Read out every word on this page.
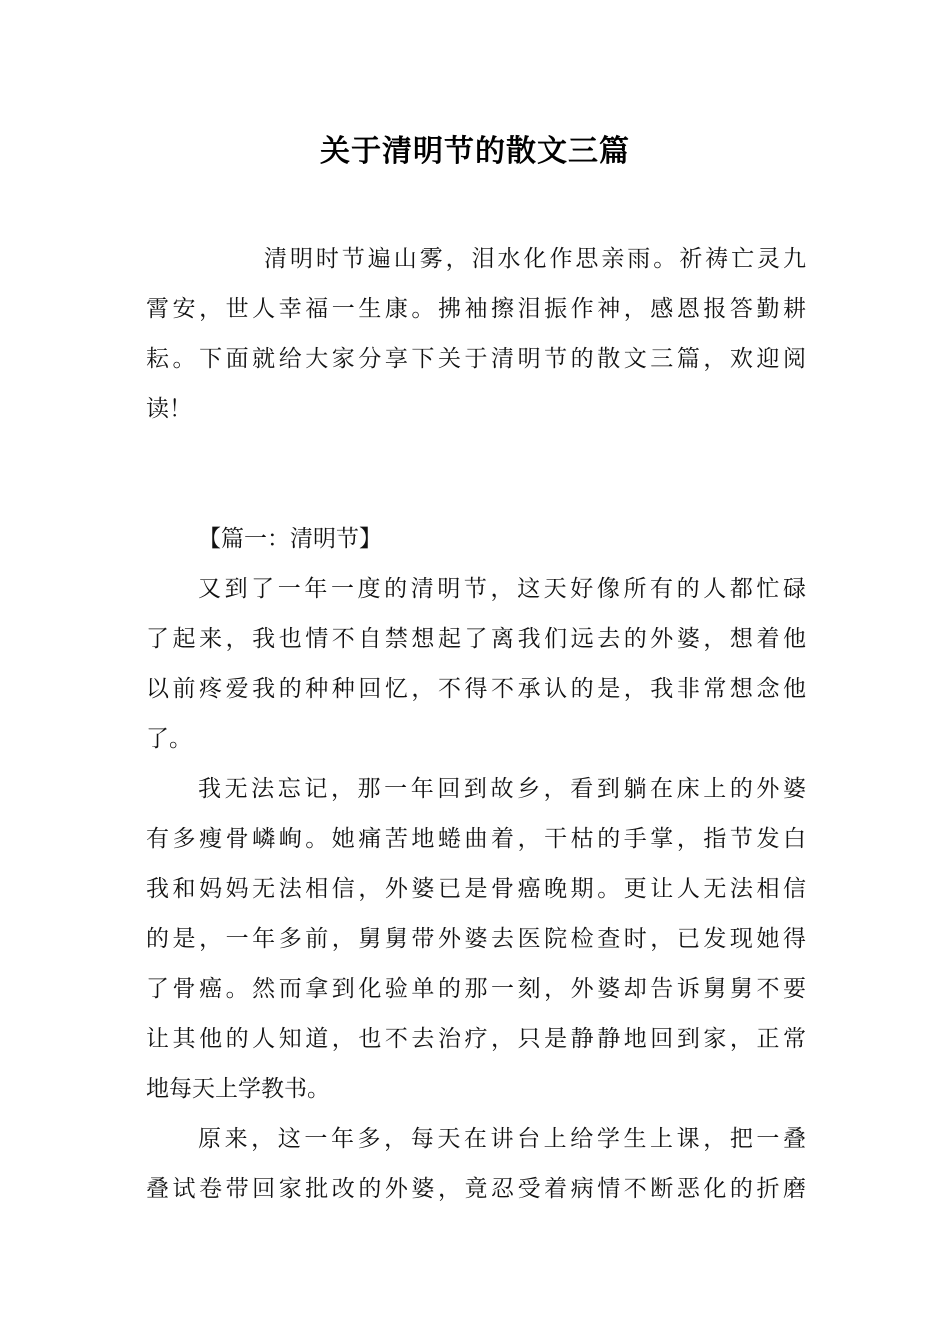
关于清明节的散文三篇
清明时节遍山雾，泪水化作思亲雨。祈祷亡灵九
霄安，世人幸福一生康。拂袖擦泪振作神，感恩报答勤耕
耘。下面就给大家分享下关于清明节的散文三篇，欢迎阅
读！
【篇一：清明节】
又到了一年一度的清明节，这天好像所有的人都忙碌
了起来，我也情不自禁想起了离我们远去的外婆，想着他
以前疼爱我的种种回忆，不得不承认的是，我非常想念他
了。
我无法忘记，那一年回到故乡，看到躺在床上的外婆
有多瘦骨嶙峋。她痛苦地蜷曲着，干枯的手掌，指节发白
我和妈妈无法相信，外婆已是骨癌晚期。更让人无法相信
的是，一年多前，舅舅带外婆去医院检查时，已发现她得
了骨癌。然而拿到化验单的那一刻，外婆却告诉舅舅不要
让其他的人知道，也不去治疗，只是静静地回到家，正常
地每天上学教书。
原来，这一年多，每天在讲台上给学生上课，把一叠
叠试卷带回家批改的外婆，竟忍受着病情不断恶化的折磨
